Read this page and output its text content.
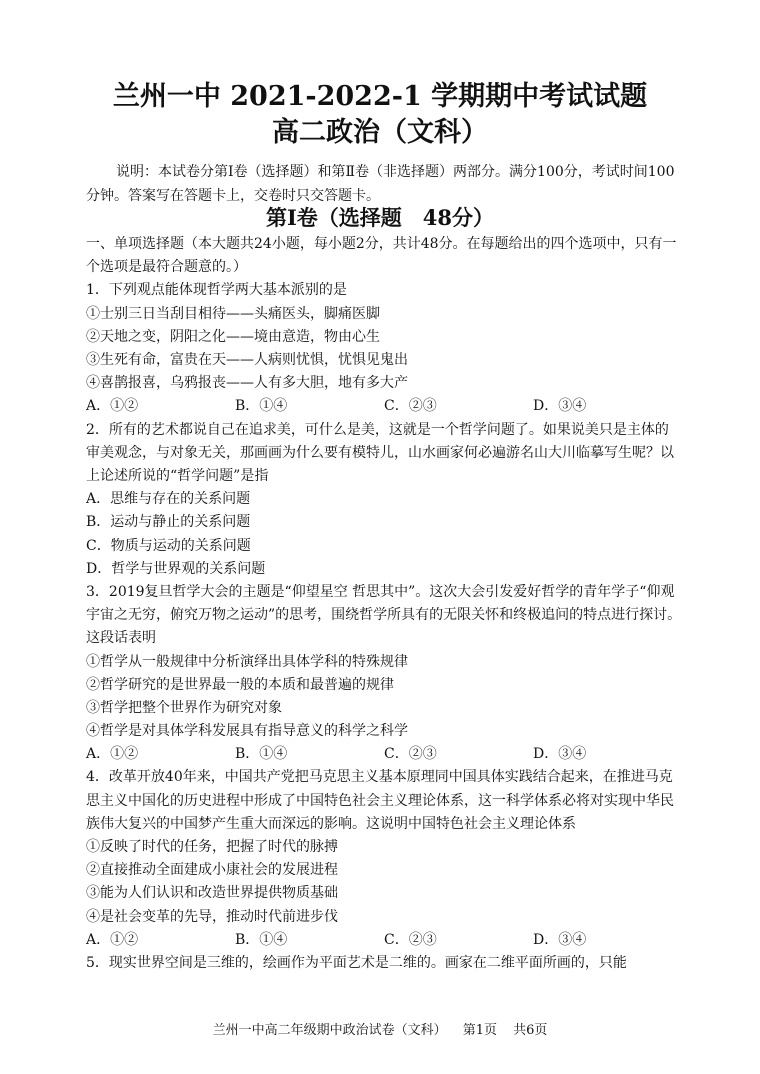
兰州一中 2021-2022-1 学期期中考试试题
高二政治（文科）
说明：本试卷分第Ⅰ卷（选择题）和第Ⅱ卷（非选择题）两部分。满分100分，考试时间100分钟。答案写在答题卡上，交卷时只交答题卡。
第Ⅰ卷（选择题　48分）
一、单项选择题（本大题共24小题，每小题2分，共计48分。在每题给出的四个选项中，只有一个选项是最符合题意的。）
1．下列观点能体现哲学两大基本派别的是
①士别三日当刮目相待——头痛医头，脚痛医脚
②天地之变，阴阳之化——境由意造，物由心生
③生死有命，富贵在天——人病则忧惧，忧惧见鬼出
④喜鹊报喜，乌鸦报丧——人有多大胆，地有多大产
A．①②	B．①④	C．②③	D．③④
2．所有的艺术都说自己在追求美，可什么是美，这就是一个哲学问题了。如果说美只是主体的审美观念，与对象无关，那画画为什么要有模特儿，山水画家何必遍游名山大川临摹写生呢？以上论述所说的“哲学问题”是指
A．思维与存在的关系问题
B．运动与静止的关系问题
C．物质与运动的关系问题
D．哲学与世界观的关系问题
3．2019复旦哲学大会的主题是“仰望星空 哲思其中”。这次大会引发爱好哲学的青年学子“仰观宇宙之无穷，俯究万物之运动”的思考，围绕哲学所具有的无限关怀和终极追问的特点进行探讨。这段话表明
①哲学从一般规律中分析演绎出具体学科的特殊规律
②哲学研究的是世界最一般的本质和最普遍的规律
③哲学把整个世界作为研究对象
④哲学是对具体学科发展具有指导意义的科学之科学
A．①②	B．①④	C．②③	D．③④
4．改革开放40年来，中国共产党把马克思主义基本原理同中国具体实践结合起来，在推进马克思主义中国化的历史进程中形成了中国特色社会主义理论体系，这一科学体系必将对实现中华民族伟大复兴的中国梦产生重大而深远的影响。这说明中国特色社会主义理论体系
①反映了时代的任务，把握了时代的脉搏
②直接推动全面建成小康社会的发展进程
③能为人们认识和改造世界提供物质基础
④是社会变革的先导，推动时代前进步伐
A．①②	B．①④	C．②③	D．③④
5．现实世界空间是三维的，绘画作为平面艺术是二维的。画家在二维平面所画的，只能
兰州一中高二年级期中政治试卷（文科） 第1页 共6页
